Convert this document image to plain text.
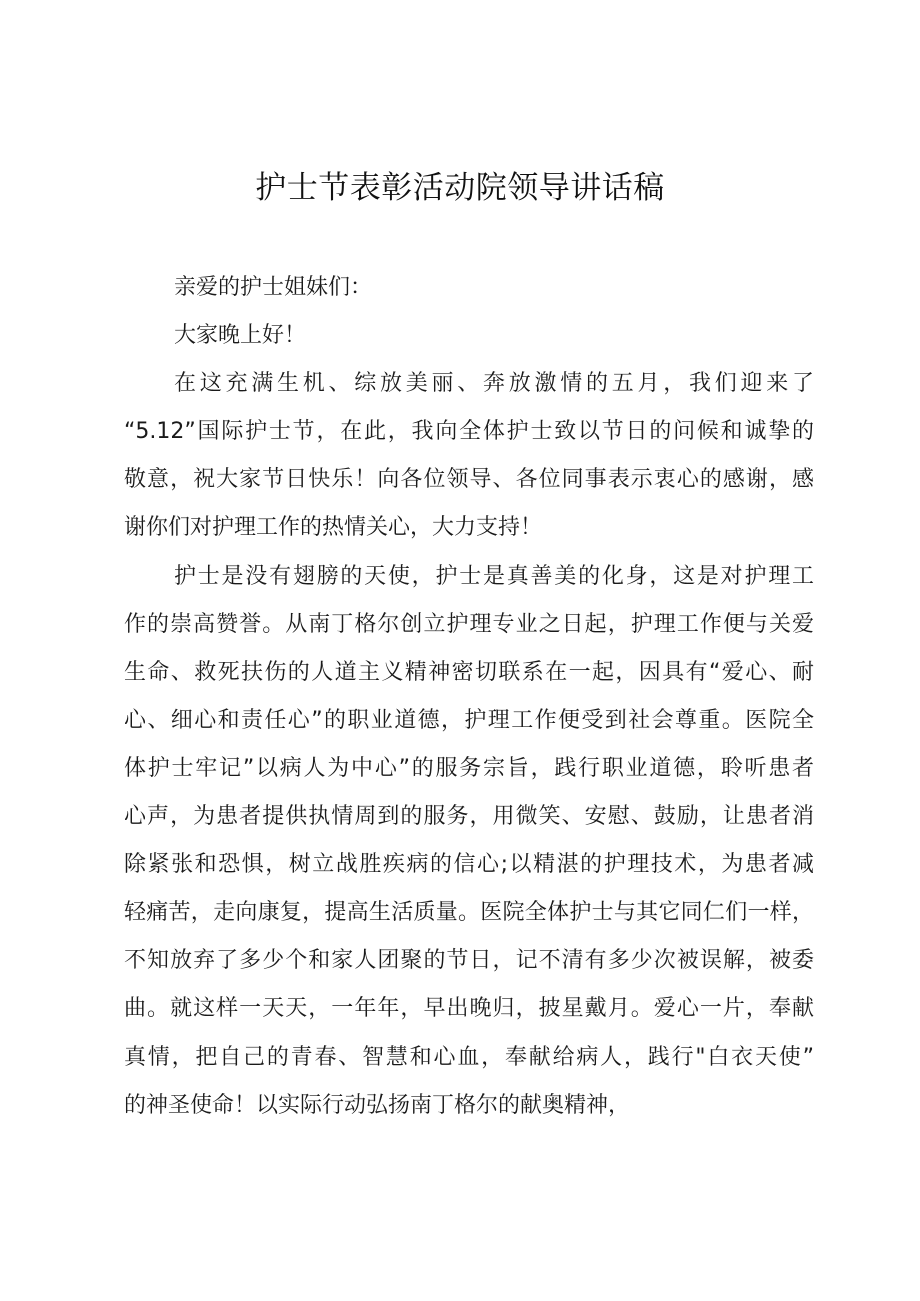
护士节表彰活动院领导讲话稿
亲爱的护士姐妹们：
大家晚上好！
在这充满生机、综放美丽、奔放激情的五月，我们迎来了
“5.12”国际护士节，在此，我向全体护士致以节日的问候和诚挚的
敬意，祝大家节日快乐！向各位领导、各位同事表示衷心的感谢，感
谢你们对护理工作的热情关心，大力支持！
护士是没有翅膀的天使，护士是真善美的化身，这是对护理工
作的崇高赞誉。从南丁格尔创立护理专业之日起，护理工作便与关爱
生命、救死扶伤的人道主义精神密切联系在一起，因具有“爱心、耐
心、细心和责任心”的职业道德，护理工作便受到社会尊重。医院全
体护士牢记”以病人为中心”的服务宗旨，践行职业道德，聆听患者
心声，为患者提供执情周到的服务，用微笑、安慰、鼓励，让患者消
除紧张和恐惧，树立战胜疾病的信心;以精湛的护理技术，为患者减
轻痛苦，走向康复，提高生活质量。医院全体护士与其它同仁们一样，
不知放弃了多少个和家人团聚的节日，记不清有多少次被误解，被委
曲。就这样一天天，一年年，早出晚归，披星戴月。爱心一片，奉献
真情，把自己的青春、智慧和心血，奉献给病人，践行"白衣天使”
的神圣使命！以实际行动弘扬南丁格尔的献奥精神，
